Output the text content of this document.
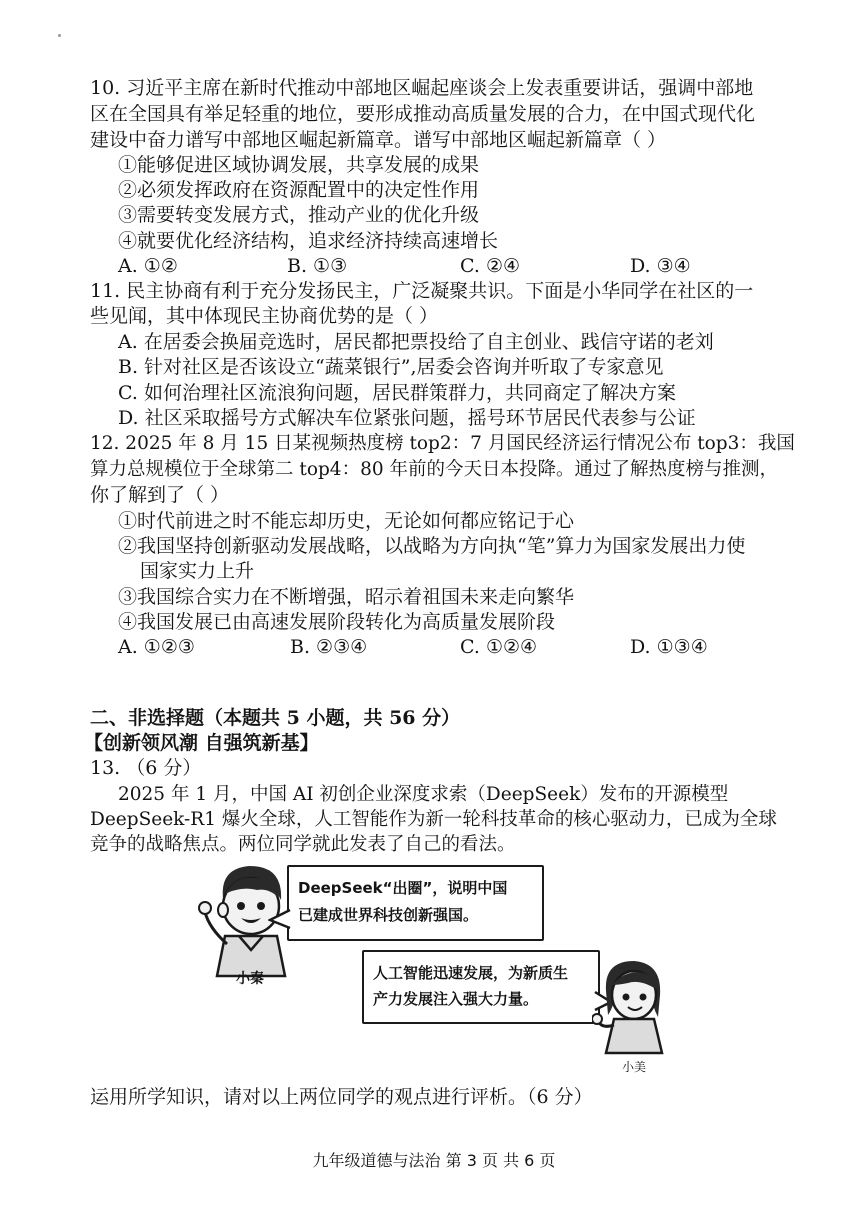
10. 习近平主席在新时代推动中部地区崛起座谈会上发表重要讲话，强调中部地
区在全国具有举足轻重的地位，要形成推动高质量发展的合力，在中国式现代化
建设中奋力谱写中部地区崛起新篇章。谱写中部地区崛起新篇章（ ）
①能够促进区域协调发展，共享发展的成果
②必须发挥政府在资源配置中的决定性作用
③需要转变发展方式，推动产业的优化升级
④就要优化经济结构，追求经济持续高速增长
A. ①②	B. ①③	C. ②④	D. ③④
11. 民主协商有利于充分发扬民主，广泛凝聚共识。下面是小华同学在社区的一
些见闻，其中体现民主协商优势的是（ ）
A. 在居委会换届竞选时，居民都把票投给了自主创业、践信守诺的老刘
B. 针对社区是否该设立“蔬菜银行”,居委会咨询并听取了专家意见
C. 如何治理社区流浪狗问题，居民群策群力，共同商定了解决方案
D. 社区采取摇号方式解决车位紧张问题，摇号环节居民代表参与公证
12. 2025 年 8 月 15 日某视频热度榜 top2：7 月国民经济运行情况公布 top3：我国
算力总规模位于全球第二 top4：80 年前的今天日本投降。通过了解热度榜与推测，
你了解到了（ ）
①时代前进之时不能忘却历史，无论如何都应铭记于心
②我国坚持创新驱动发展战略，以战略为方向执“笔”算力为国家发展出力使
国家实力上升
③我国综合实力在不断增强，昭示着祖国未来走向繁华
④我国发展已由高速发展阶段转化为高质量发展阶段
A. ①②③	B. ②③④	C. ①②④	D. ①③④
二、非选择题（本题共 5 小题，共 56 分）
【创新领风潮 自强筑新基】
13. （6 分）
2025 年 1 月，中国 AI 初创企业深度求索（DeepSeek）发布的开源模型
DeepSeek-R1 爆火全球，人工智能作为新一轮科技革命的核心驱动力，已成为全球
竞争的战略焦点。两位同学就此发表了自己的看法。
小秦
DeepSeek“出圈”，说明中国
已建成世界科技创新强国。
人工智能迅速发展，为新质生
产力发展注入强大力量。
小美
运用所学知识，请对以上两位同学的观点进行评析。（6 分）
九年级道德与法治 第 3 页 共 6 页
